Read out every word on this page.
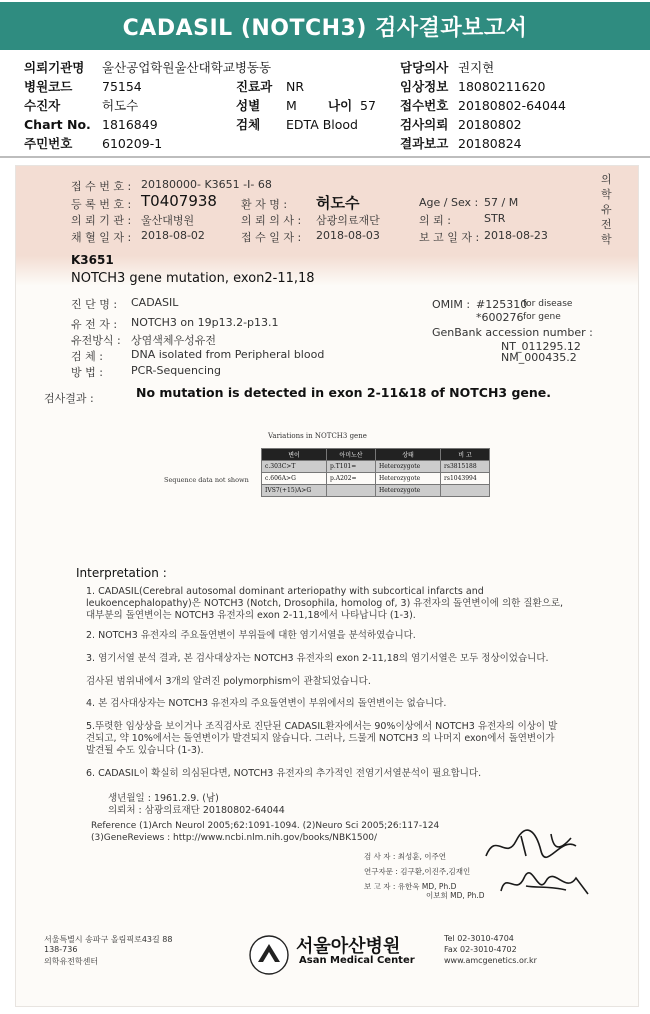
CADASIL (NOTCH3) 검사결과보고서
의뢰기관명 울산공업학원울산대학교병동동
병원코드 75154
수진자	허도수
Chart No. 1816849
주민번호 610209-1
진료과 NR
성별 M 나이 57
검체 EDTA Blood
담당의사 권지현
임상정보 18080211620
접수번호 20180802-64044
검사의뢰 20180802
결과보고 20180824
의학유전학
접 수 번 호 : 20180000- K3651 -I- 68
등 록 번 호 : T0407938 환 자 명 : 허도수	Age / Sex : 57 / M
의 뢰 기 관 : 울산대병원	의 뢰 의 사 : 삼광의료재단	의 뢰 :	STR
채 혈 일 자 : 2018-08-02	접 수 일 자 : 2018-08-03	보 고 일 자 : 2018-08-23
K3651
NOTCH3 gene mutation, exon2-11,18
진 단 명 : CADASIL
유 전 자 : NOTCH3 on 19p13.2-p13.1
유전방식 : 상염색체우성유전
검 체 :	DNA isolated from Peripheral blood
방 법 :	PCR-Sequencing
OMIM : #125310
for disease
*600276 for gene
GenBank accession number :
NT_011295.12
NM_000435.2
검사결과 :	No mutation is detected in exon 2-11&18 of NOTCH3 gene.
Variations in NOTCH3 gene
Sequence data not shown
변이	아미노산	상태	비 고
c.303C>T	p.T101=	Heterozygote	rs3815188
c.606A>G	p.A202=	Heterozygote	rs1043994
IVS7(+15)A>G		Heterozygote	
Interpretation :
1. CADASIL(Cerebral autosomal dominant arteriopathy with subcortical infarcts and leukoencephalopathy)은 NOTCH3 (Notch, Drosophila, homolog of, 3) 유전자의 돌연변이에 의한 질환으로, 대부분의 돌연변이는 NOTCH3 유전자의 exon 2-11,18에서 나타납니다 (1-3).
2. NOTCH3 유전자의 주요돌연변이 부위들에 대한 염기서열을 분석하였습니다.
3. 염기서열 분석 결과, 본 검사대상자는 NOTCH3 유전자의 exon 2-11,18의 염기서열은 모두 정상이었습니다.
검사된 범위내에서 3개의 알려진 polymorphism이 관찰되었습니다.
4. 본 검사대상자는 NOTCH3 유전자의 주요돌연변이 부위에서의 돌연변이는 없습니다.
5.뚜렷한 임상상을 보이거나 조직검사로 진단된 CADASIL환자에서는 90%이상에서 NOTCH3 유전자의 이상이 발견되고, 약 10%에서는 돌연변이가 발견되지 않습니다. 그러나, 드물게 NOTCH3 의 나머지 exon에서 돌연변이가 발견될 수도 있습니다 (1-3).
6. CADASIL이 확실히 의심된다면, NOTCH3 유전자의 추가적인 전염기서열분석이 필요합니다.
생년월일 : 1961.2.9. (남)
의뢰처 : 삼광의료재단 20180802-64044
Reference (1)Arch Neurol 2005;62:1091-1094. (2)Neuro Sci 2005;26:117-124 (3)GeneReviews : http://www.ncbi.nlm.nih.gov/books/NBK1500/
검 사 자 : 최성훈, 이주연
연구자문 : 김구환,이진주,김재인
보 고 자 : 유한욱 MD, Ph.D
이보희 MD, Ph.D
서울특별시 송파구 올림픽로43길 88
138-736
의학유전학센터
서울아산병원
Asan Medical Center
Tel 02-3010-4704
Fax 02-3010-4702
www.amcgenetics.or.kr
